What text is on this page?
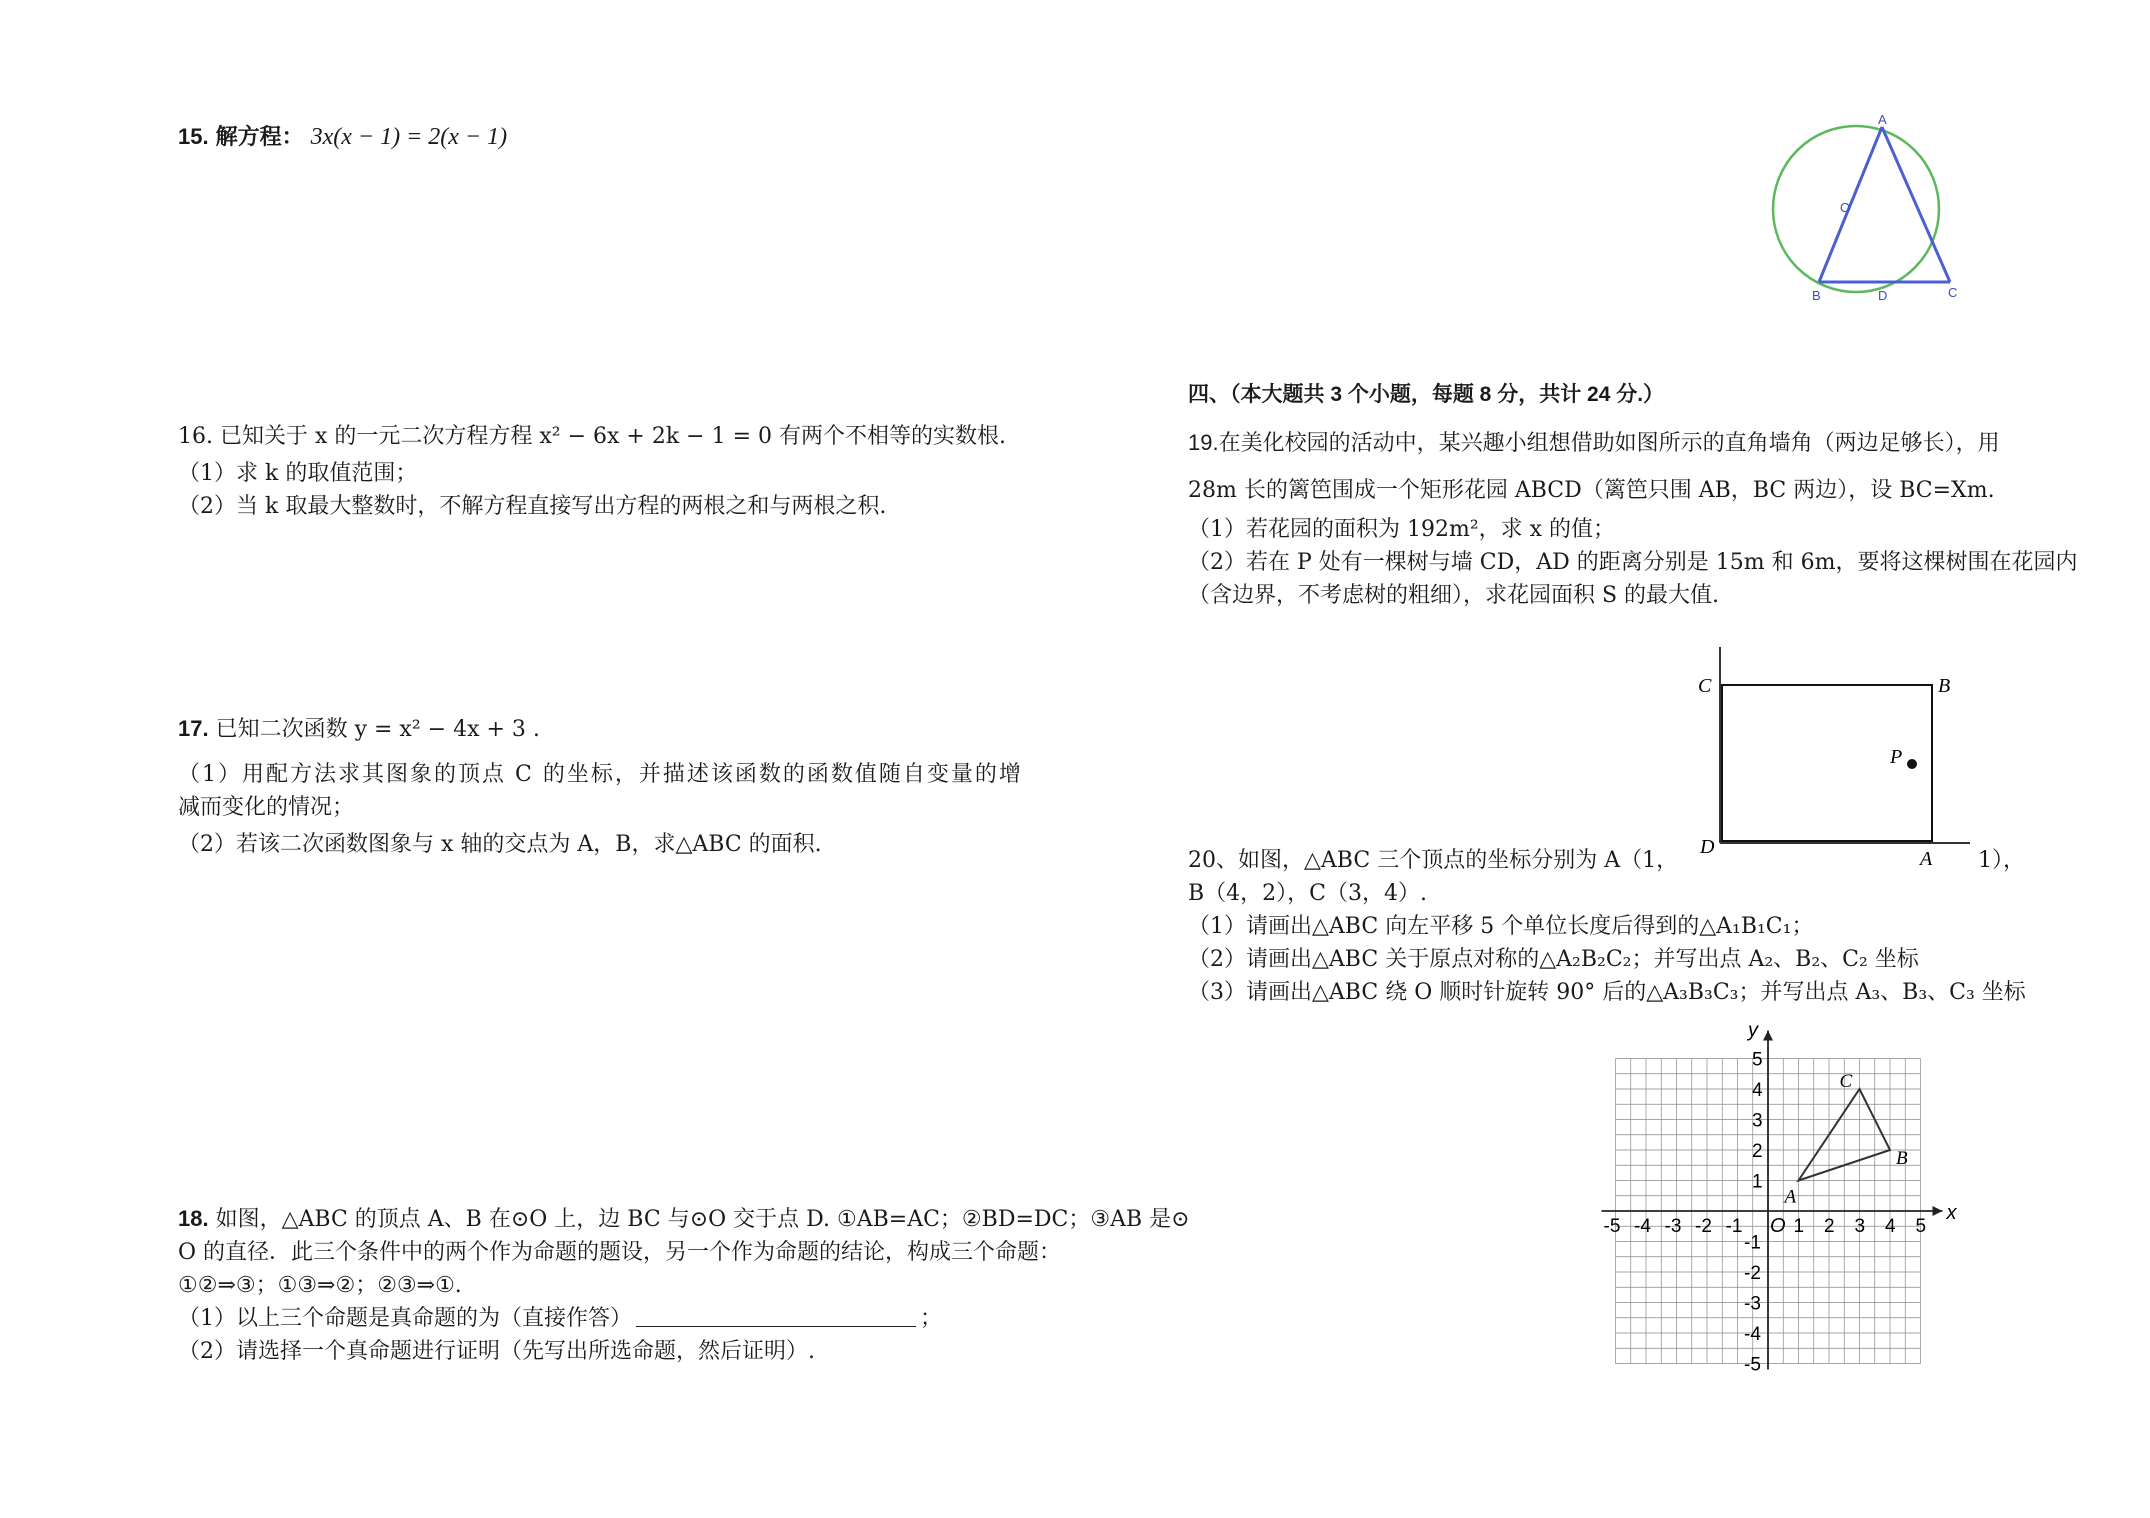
15. 解方程： 3x(x − 1) = 2(x − 1)
16. 已知关于 x 的一元二次方程方程 x² − 6x + 2k − 1 = 0 有两个不相等的实数根.
（1）求 k 的取值范围；
（2）当 k 取最大整数时，不解方程直接写出方程的两根之和与两根之积.
17. 已知二次函数 y = x² − 4x + 3 .
（1）用配方法求其图象的顶点 C 的坐标，并描述该函数的函数值随自变量的增
减而变化的情况；
（2）若该二次函数图象与 x 轴的交点为 A，B，求△ABC 的面积.
18. 如图，△ABC 的顶点 A、B 在⊙O 上，边 BC 与⊙O 交于点 D. ①AB=AC；②BD=DC；③AB 是⊙
O 的直径．此三个条件中的两个作为命题的题设，另一个作为命题的结论，构成三个命题：
①②⇒③；①③⇒②；②③⇒①.
（1）以上三个命题是真命题的为（直接作答）	；
（2）请选择一个真命题进行证明（先写出所选命题，然后证明）.
A
O
B	D	C
四、（本大题共 3 个小题，每题 8 分，共计 24 分.）
19.在美化校园的活动中，某兴趣小组想借助如图所示的直角墙角（两边足够长），用
28m 长的篱笆围成一个矩形花园 ABCD（篱笆只围 AB，BC 两边），设 BC=Xm.
（1）若花园的面积为 192m²，求 x 的值；
（2）若在 P 处有一棵树与墙 CD，AD 的距离分别是 15m 和 6m，要将这棵树围在花园内
（含边界，不考虑树的粗细），求花园面积 S 的最大值.
C	B
P
D
A
20、如图，△ABC 三个顶点的坐标分别为 A（1，	1），
B（4，2），C（3，4）.
（1）请画出△ABC 向左平移 5 个单位长度后得到的△A₁B₁C₁；
（2）请画出△ABC 关于原点对称的△A₂B₂C₂；并写出点 A₂、B₂、C₂ 坐标
（3）请画出△ABC 绕 O 顺时针旋转 90° 后的△A₃B₃C₃；并写出点 A₃、B₃、C₃ 坐标
x
y
O
-5 -4 -3 -2 -1	1 2 3 4 5
5
4
3
2
1
-1
-2
-3
-4
-5
A
B
C
